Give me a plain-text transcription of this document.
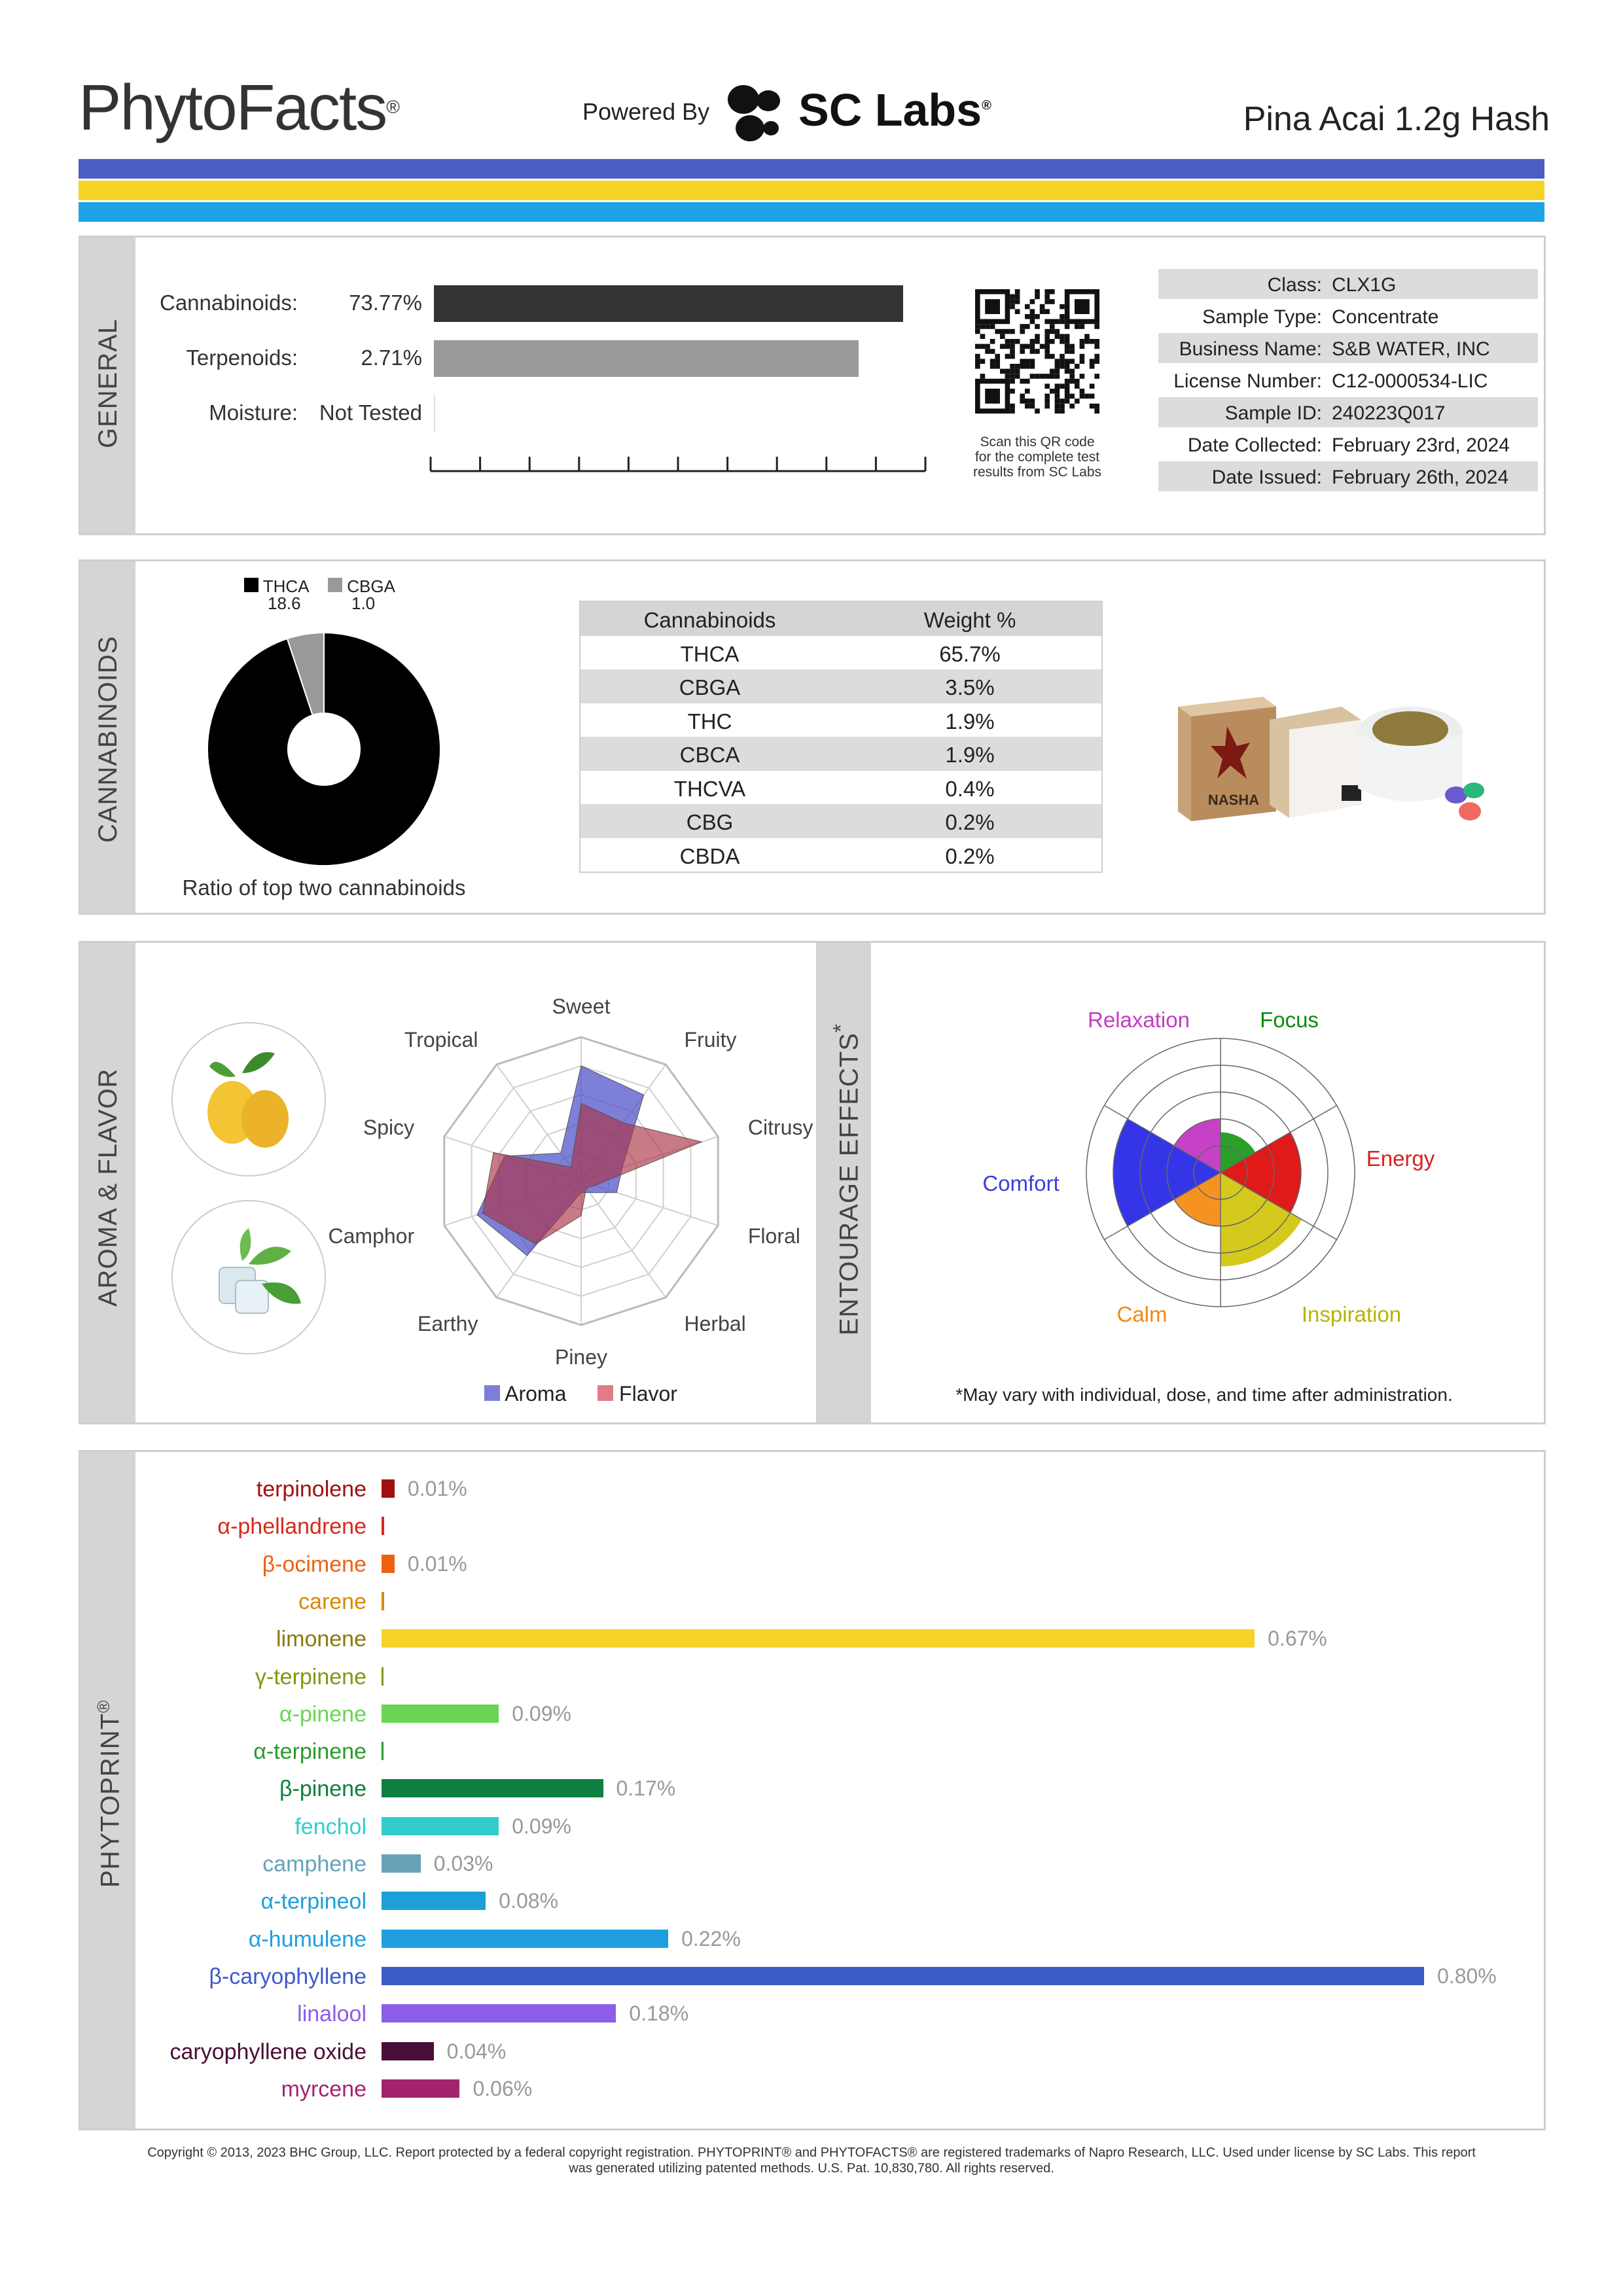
PhytoFacts®	Powered By SC Labs®	Pina Acai 1.2g Hash
GENERAL
Cannabinoids:	73.77%
Terpenoids:	2.71%
Moisture: Not Tested
Scan this QR code
for the complete test
results from SC Labs
Class: CLX1G
Sample Type: Concentrate
Business Name: S&B WATER, INC
License Number: C12-0000534-LIC
Sample ID: 240223Q017
Date Collected: February 23rd, 2024
Date Issued: February 26th, 2024
CANNABINOIDS
THCA
18.6
CBGA
1.0
Ratio of top two cannabinoids
Cannabinoids	Weight %
THCA	65.7%
CBGA	3.5%
THC	1.9%
CBCA	1.9%
THCVA	0.4%
CBG	0.2%
CBDA	0.2%
NASHA
AROMA & FLAVOR	ENTOURAGE EFFECTS*
Sweet
Fruity
Citrusy
Floral
Herbal
Piney
Earthy
Camphor
Spicy
Tropical
Aroma	Flavor
Focus
Energy
Inspiration
Calm
Comfort
Relaxation
*May vary with individual, dose, and time after administration.
PHYTOPRINT®
terpinolene 0.01%
α-phellandrene
β-ocimene 0.01%
carene
limonene	0.67%
γ-terpinene
α-pinene	0.09%
α-terpinene
β-pinene	0.17%
fenchol	0.09%
camphene	0.03%
α-terpineol	0.08%
α-humulene	0.22%
β-caryophyllene	0.80%
linalool	0.18%
caryophyllene oxide	0.04%
myrcene	0.06%
Copyright © 2013, 2023 BHC Group, LLC. Report protected by a federal copyright registration. PHYTOPRINT® and PHYTOFACTS® are registered trademarks of Napro Research, LLC. Used under license by SC Labs. This report
was generated utilizing patented methods. U.S. Pat. 10,830,780. All rights reserved.
